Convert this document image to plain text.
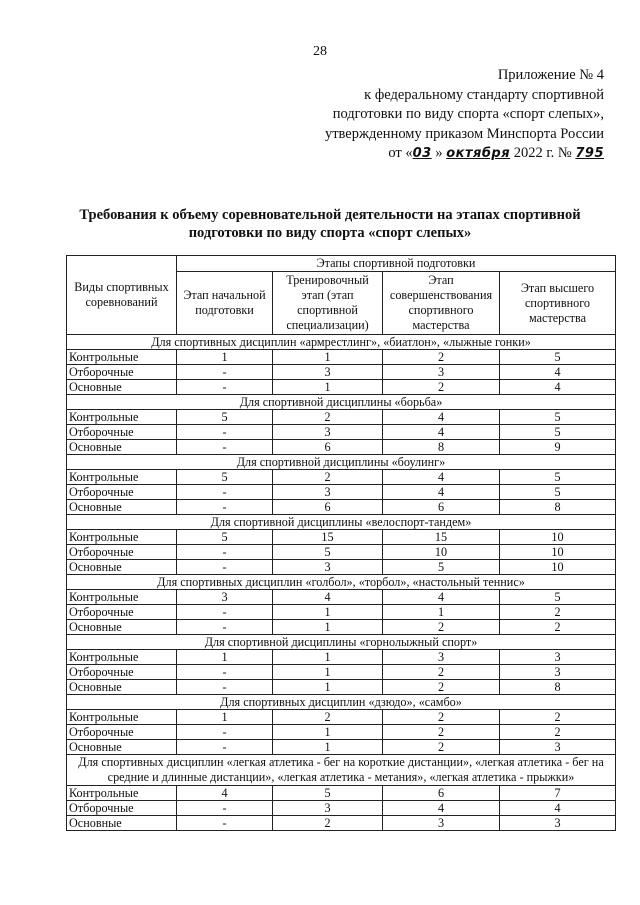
28
Приложение № 4
к федеральному стандарту спортивной
подготовки по виду спорта «спорт слепых»,
утвержденному приказом Минспорта России
от «03 » октября 2022 г. № 795
Требования к объему соревновательной деятельности на этапах спортивной
подготовки по виду спорта «спорт слепых»
Виды спортивных соревнований	Этапы спортивной подготовки			
	Этап начальной подготовки	Тренировочный этап (этап спортивной специализации)	Этап совершенствования спортивного мастерства	Этап высшего спортивного мастерства
Для спортивных дисциплин «армрестлинг», «биатлон», «лыжные гонки»				
Контрольные	1	1	2	5
Отборочные	-	3	3	4
Основные	-	1	2	4
Для спортивной дисциплины «борьба»				
Контрольные	5	2	4	5
Отборочные	-	3	4	5
Основные	-	6	8	9
Для спортивной дисциплины «боулинг»				
Контрольные	5	2	4	5
Отборочные	-	3	4	5
Основные	-	6	6	8
Для спортивной дисциплины «велоспорт-тандем»				
Контрольные	5	15	15	10
Отборочные	-	5	10	10
Основные	-	3	5	10
Для спортивных дисциплин «голбол», «торбол», «настольный теннис»				
Контрольные	3	4	4	5
Отборочные	-	1	1	2
Основные	-	1	2	2
Для спортивной дисциплины «горнолыжный спорт»				
Контрольные	1	1	3	3
Отборочные	-	1	2	3
Основные	-	1	2	8
Для спортивных дисциплин «дзюдо», «самбо»				
Контрольные	1	2	2	2
Отборочные	-	1	2	2
Основные	-	1	2	3
Для спортивных дисциплин «легкая атлетика - бег на короткие дистанции», «легкая атлетика - бег на средние и длинные дистанции», «легкая атлетика - метания», «легкая атлетика - прыжки»				
Контрольные	4	5	6	7
Отборочные	-	3	4	4
Основные	-	2	3	3
